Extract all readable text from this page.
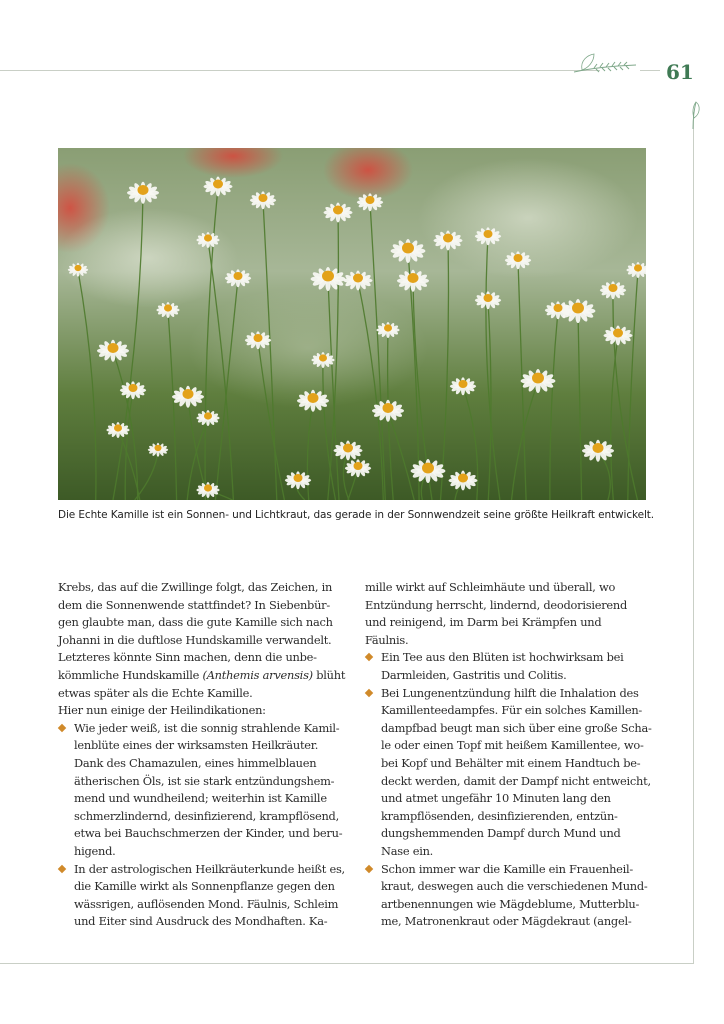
61
Die Echte Kamille ist ein Sonnen- und Lichtkraut, das gerade in der Sonnwendzeit seine größte Heilkraft entwickelt.

Krebs, das auf die Zwillinge folgt, das Zeichen, in
dem die Sonnenwende stattfindet? In Siebenbür-
gen glaubte man, dass die gute Kamille sich nach
Johanni in die duftlose Hundskamille verwandelt.
Letzteres könnte Sinn machen, denn die unbe-
kömmliche Hundskamille (Anthemis arvensis) blüht
etwas später als die Echte Kamille.
Hier nun einige der Heilindikationen:

Wie jeder weiß, ist die sonnig strahlende Kamil-
lenblüte eines der wirksamsten Heilkräuter.
Dank des Chamazulen, eines himmelblauen
ätherischen Öls, ist sie stark entzündungshem-
mend und wundheilend; weiterhin ist Kamille
schmerzlindernd, desinfizierend, krampflösend,
etwa bei Bauchschmerzen der Kinder, und beru-
higend.
In der astrologischen Heilkräuterkunde heißt es,
die Kamille wirkt als Sonnenpflanze gegen den
wässrigen, auflösenden Mond. Fäulnis, Schleim
und Eiter sind Ausdruck des Mondhaften. Ka-

mille wirkt auf Schleimhäute und überall, wo
Entzündung herrscht, lindernd, deodorisierend
und reinigend, im Darm bei Krämpfen und
Fäulnis.

Ein Tee aus den Blüten ist hochwirksam bei
Darmleiden, Gastritis und Colitis.
Bei Lungenentzündung hilft die Inhalation des
Kamillenteedampfes. Für ein solches Kamillen-
dampfbad beugt man sich über eine große Scha-
le oder einen Topf mit heißem Kamillentee, wo-
bei Kopf und Behälter mit einem Handtuch be-
deckt werden, damit der Dampf nicht entweicht,
und atmet ungefähr 10 Minuten lang den
krampflösenden, desinfizierenden, entzün-
dungshemmenden Dampf durch Mund und
Nase ein.
Schon immer war die Kamille ein Frauenheil-
kraut, deswegen auch die verschiedenen Mund-
artbenennungen wie Mägdeblume, Mutterblu-
me, Matronenkraut oder Mägdekraut (angel-
